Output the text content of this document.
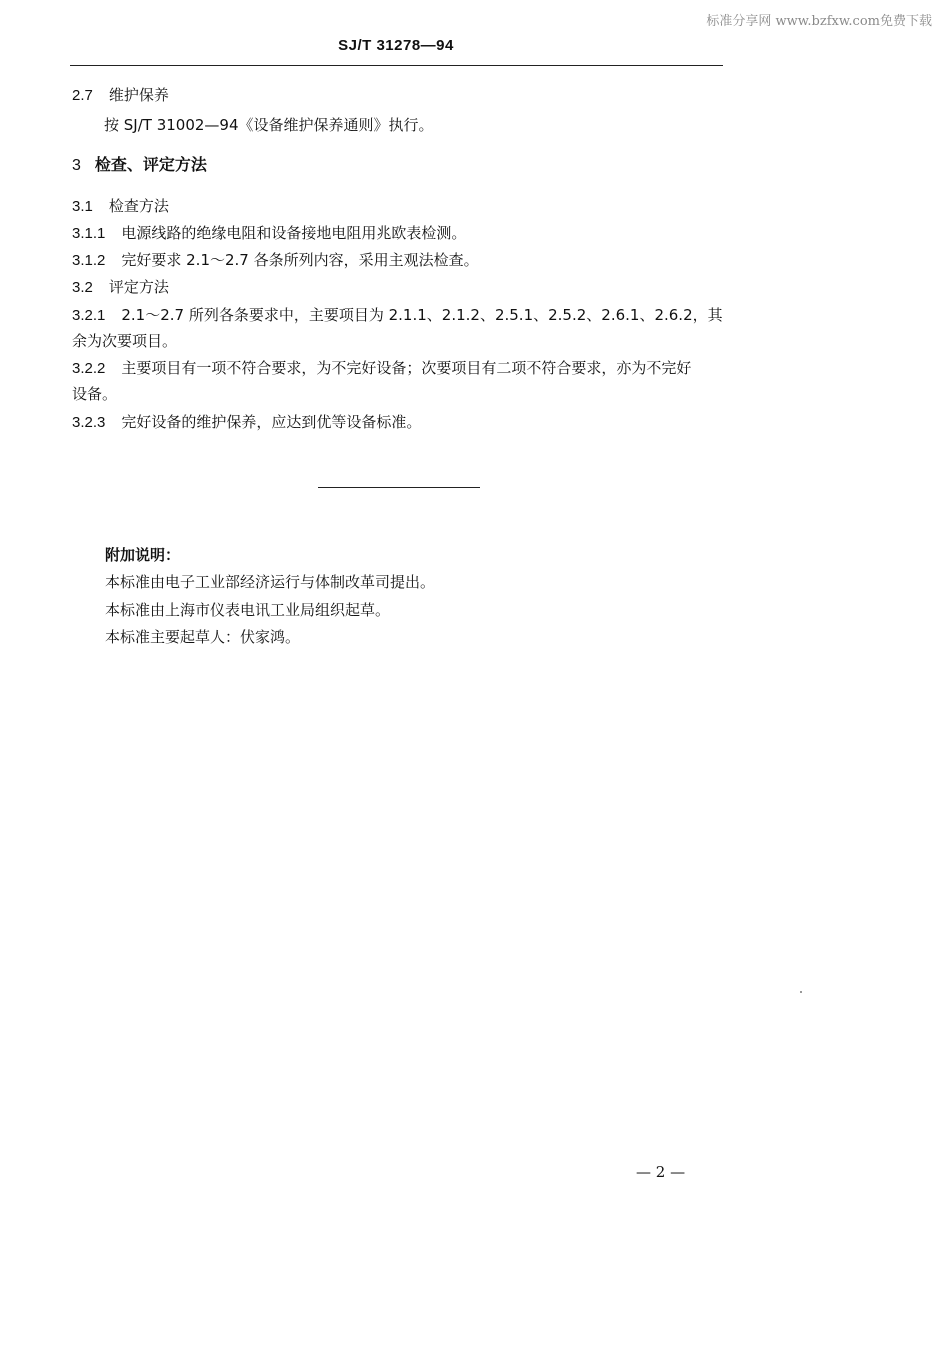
标准分享网 www.bzfxw.com免费下载
SJ/T 31278—94
2.7 维护保养
按 SJ/T 31002—94《设备维护保养通则》执行。
3 检查、评定方法
3.1 检查方法
3.1.1 电源线路的绝缘电阻和设备接地电阻用兆欧表检测。
3.1.2 完好要求 2.1～2.7 各条所列内容，采用主观法检查。
3.2 评定方法
3.2.1 2.1～2.7 所列各条要求中，主要项目为 2.1.1、2.1.2、2.5.1、2.5.2、2.6.1、2.6.2，其
余为次要项目。
3.2.2 主要项目有一项不符合要求，为不完好设备；次要项目有二项不符合要求，亦为不完好
设备。
3.2.3 完好设备的维护保养，应达到优等设备标准。
附加说明：
本标准由电子工业部经济运行与体制改革司提出。
本标准由上海市仪表电讯工业局组织起草。
本标准主要起草人：伏家鸿。
— 2 —
